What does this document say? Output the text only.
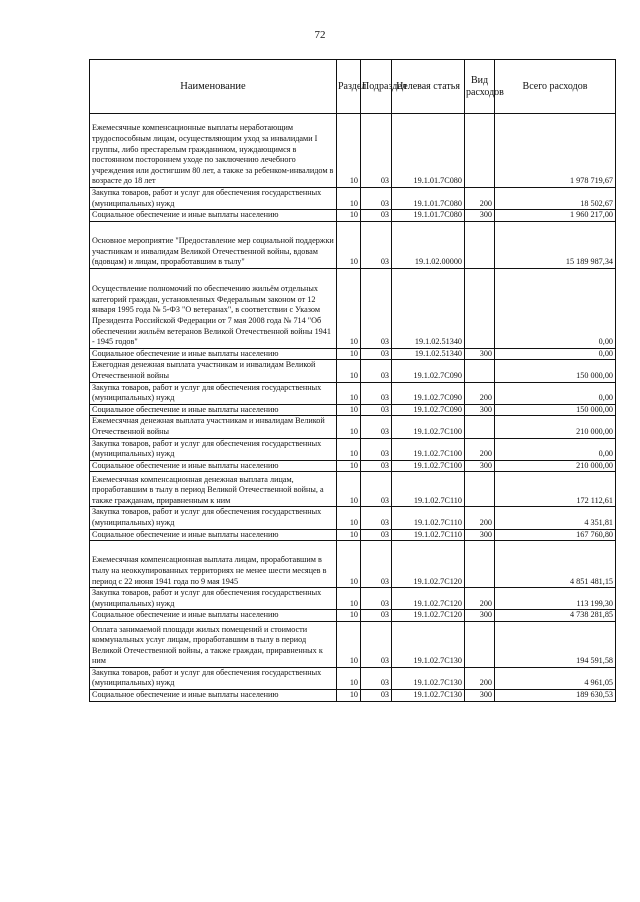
72
Наименование	Раздел	Подраздел	Целевая статья	Вид расходов	Всего расходов
Ежемесячные компенсационные выплаты неработающим трудоспособным лицам, осуществляющим уход за инвалидами I группы, либо престарелым гражданином, нуждающимся в постоянном постороннем уходе по заключению лечебного учреждения или достигшим 80 лет, а также за ребенком-инвалидом в возрасте до 18 лет	10	03	19.1.01.7С080		1 978 719,67
Закупка товаров, работ и услуг для обеспечения государственных (муниципальных) нужд	10	03	19.1.01.7С080	200	18 502,67
Социальное обеспечение и иные выплаты населению	10	03	19.1.01.7С080	300	1 960 217,00
Основное мероприятие "Предоставление мер социальной поддержки участникам и инвалидам Великой Отечественной войны, вдовам (вдовцам) и лицам, проработавшим в тылу"	10	03	19.1.02.00000		15 189 987,34
Осуществление полномочий по обеспечению жильём отдельных категорий граждан, установленных Федеральным законом от 12 января 1995 года № 5-ФЗ "О ветеранах", в соответствии с Указом Президента Российской Федерации от 7 мая 2008 года № 714 "Об обеспечении жильём ветеранов Великой Отечественной войны 1941 - 1945 годов"	10	03	19.1.02.51340		0,00
Социальное обеспечение и иные выплаты населению	10	03	19.1.02.51340	300	0,00
Ежегодная денежная выплата участникам и инвалидам Великой Отечественной войны	10	03	19.1.02.7С090		150 000,00
Закупка товаров, работ и услуг для обеспечения государственных (муниципальных) нужд	10	03	19.1.02.7С090	200	0,00
Социальное обеспечение и иные выплаты населению	10	03	19.1.02.7С090	300	150 000,00
Ежемесячная денежная выплата участникам и инвалидам Великой Отечественной войны	10	03	19.1.02.7С100		210 000,00
Закупка товаров, работ и услуг для обеспечения государственных (муниципальных) нужд	10	03	19.1.02.7С100	200	0,00
Социальное обеспечение и иные выплаты населению	10	03	19.1.02.7С100	300	210 000,00
Ежемесячная компенсационная денежная выплата лицам, проработавшим в тылу в период Великой Отечественной войны, а также гражданам, приравненным к ним	10	03	19.1.02.7С110		172 112,61
Закупка товаров, работ и услуг для обеспечения государственных (муниципальных) нужд	10	03	19.1.02.7С110	200	4 351,81
Социальное обеспечение и иные выплаты населению	10	03	19.1.02.7С110	300	167 760,80
Ежемесячная компенсационная выплата лицам, проработавшим в тылу на неоккупированных территориях не менее шести месяцев в период с 22 июня 1941 года по 9 мая 1945	10	03	19.1.02.7С120		4 851 481,15
Закупка товаров, работ и услуг для обеспечения государственных (муниципальных) нужд	10	03	19.1.02.7С120	200	113 199,30
Социальное обеспечение и иные выплаты населению	10	03	19.1.02.7С120	300	4 738 281,85
Оплата занимаемой площади жилых помещений и стоимости коммунальных услуг лицам, проработавшим в тылу в период Великой Отечественной войны, а также граждан, приравненных к ним	10	03	19.1.02.7С130		194 591,58
Закупка товаров, работ и услуг для обеспечения государственных (муниципальных) нужд	10	03	19.1.02.7С130	200	4 961,05
Социальное обеспечение и иные выплаты населению	10	03	19.1.02.7С130	300	189 630,53
